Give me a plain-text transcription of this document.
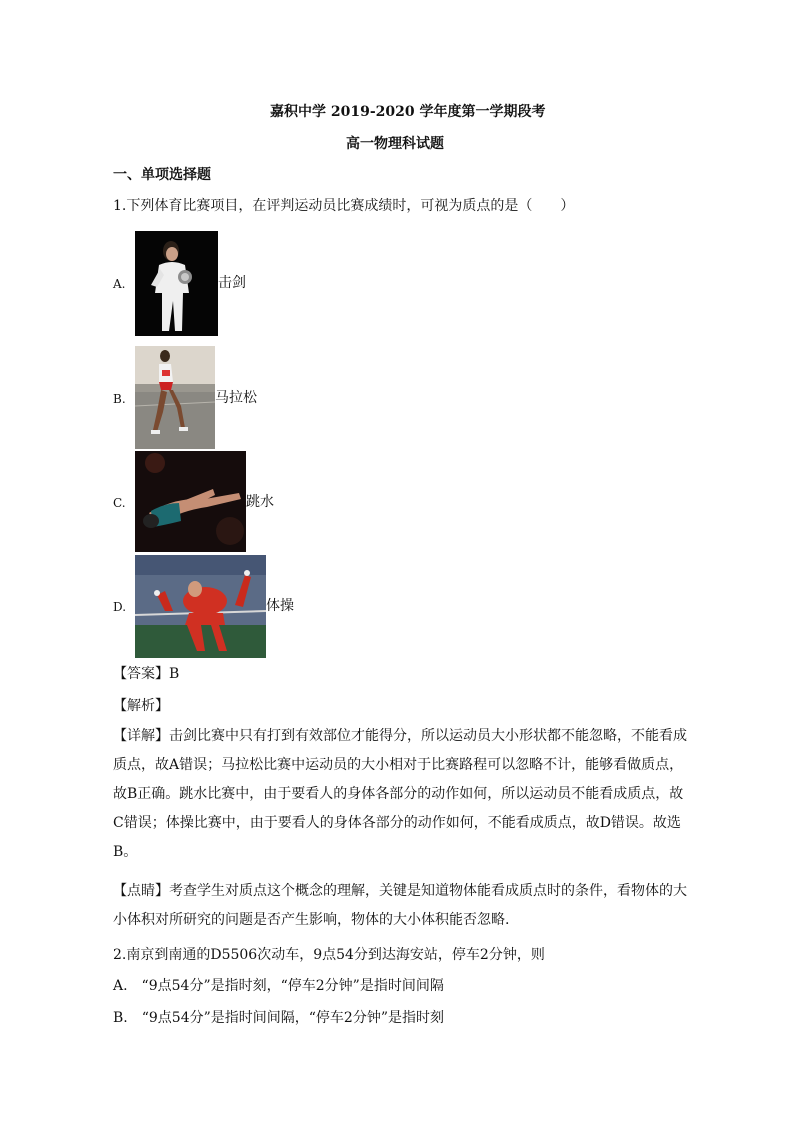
嘉积中学 2019-2020 学年度第一学期段考
高一物理科试题
一、单项选择题
1.下列体育比赛项目，在评判运动员比赛成绩时，可视为质点的是（　　）
A.	击剑
B.	马拉松
C.	跳水
D.	体操
【答案】B
【解析】
【详解】击剑比赛中只有打到有效部位才能得分，所以运动员大小形状都不能忽略，不能看成质点，故A错误；马拉松比赛中运动员的大小相对于比赛路程可以忽略不计，能够看做质点，故B正确。跳水比赛中，由于要看人的身体各部分的动作如何，所以运动员不能看成质点，故C错误；体操比赛中，由于要看人的身体各部分的动作如何，不能看成质点，故D错误。故选B。
【点睛】考查学生对质点这个概念的理解，关键是知道物体能看成质点时的条件，看物体的大小体积对所研究的问题是否产生影响，物体的大小体积能否忽略.
2.南京到南通的D5506次动车，9点54分到达海安站，停车2分钟，则
A.　“9点54分”是指时刻，“停车2分钟”是指时间间隔
B.　“9点54分”是指时间间隔，“停车2分钟”是指时刻
